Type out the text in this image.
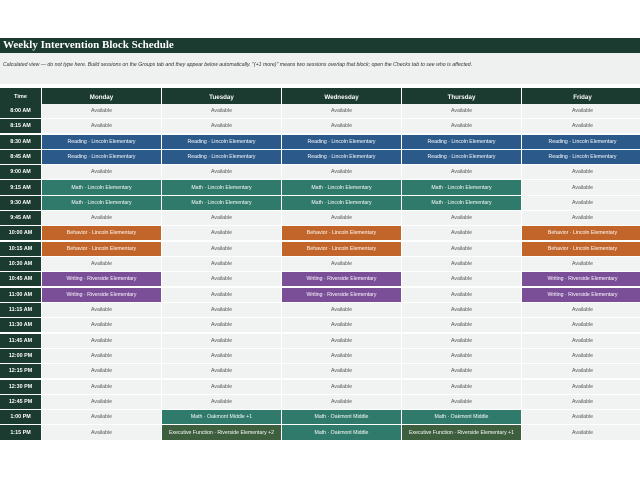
Weekly Intervention Block Schedule
Calculated view — do not type here. Build sessions on the Groups tab and they appear below automatically. "(+1 more)" means two sessions overlap that block; open the Checks tab to see who is affected.
Time	Monday	Tuesday	Wednesday	Thursday	Friday
8:00 AM	Available	Available	Available	Available	Available
8:15 AM	Available	Available	Available	Available	Available
8:30 AM	Reading · Lincoln Elementary	Reading · Lincoln Elementary	Reading · Lincoln Elementary	Reading · Lincoln Elementary	Reading · Lincoln Elementary
8:45 AM	Reading · Lincoln Elementary	Reading · Lincoln Elementary	Reading · Lincoln Elementary	Reading · Lincoln Elementary	Reading · Lincoln Elementary
9:00 AM	Available	Available	Available	Available	Available
9:15 AM	Math · Lincoln Elementary	Math · Lincoln Elementary	Math · Lincoln Elementary	Math · Lincoln Elementary	Available
9:30 AM	Math · Lincoln Elementary	Math · Lincoln Elementary	Math · Lincoln Elementary	Math · Lincoln Elementary	Available
9:45 AM	Available	Available	Available	Available	Available
10:00 AM	Behavior · Lincoln Elementary	Available	Behavior · Lincoln Elementary	Available	Behavior · Lincoln Elementary
10:15 AM	Behavior · Lincoln Elementary	Available	Behavior · Lincoln Elementary	Available	Behavior · Lincoln Elementary
10:30 AM	Available	Available	Available	Available	Available
10:45 AM	Writing · Riverside Elementary	Available	Writing · Riverside Elementary	Available	Writing · Riverside Elementary
11:00 AM	Writing · Riverside Elementary	Available	Writing · Riverside Elementary	Available	Writing · Riverside Elementary
11:15 AM	Available	Available	Available	Available	Available
11:30 AM	Available	Available	Available	Available	Available
11:45 AM	Available	Available	Available	Available	Available
12:00 PM	Available	Available	Available	Available	Available
12:15 PM	Available	Available	Available	Available	Available
12:30 PM	Available	Available	Available	Available	Available
12:45 PM	Available	Available	Available	Available	Available
1:00 PM	Available	Math · Oakmont Middle +1	Math · Oakmont Middle	Math · Oakmont Middle	Available
1:15 PM	Available	Executive Function · Riverside Elementary +2	Math · Oakmont Middle	Executive Function · Riverside Elementary +1	Available
